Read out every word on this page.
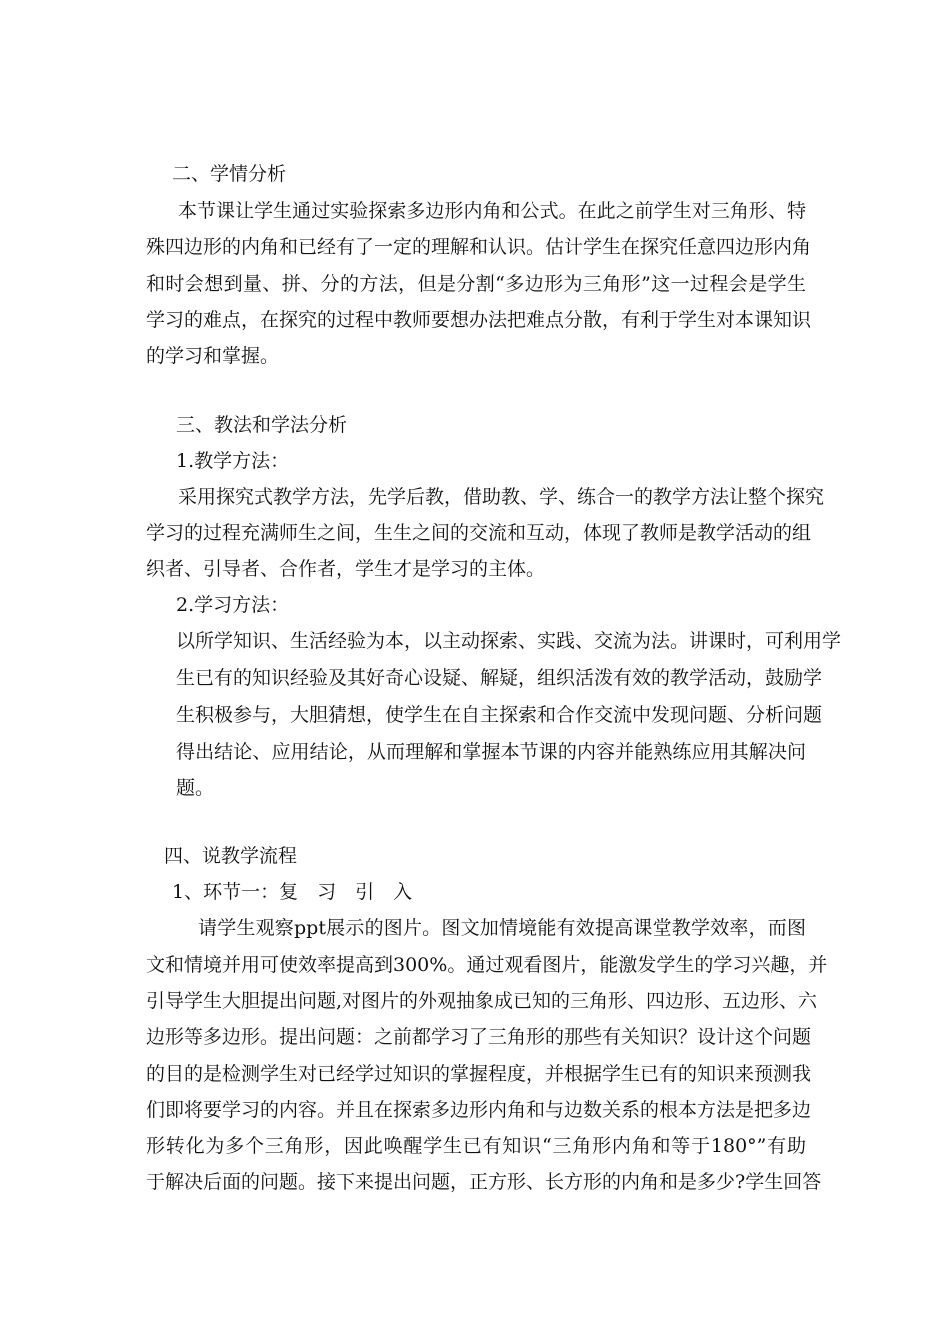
二、学情分析

本节课让学生通过实验探索多边形内角和公式。在此之前学生对三角形、特

殊四边形的内角和已经有了一定的理解和认识。估计学生在探究任意四边形内角

和时会想到量、拼、分的方法，但是分割“多边形为三角形”这一过程会是学生

学习的难点，在探究的过程中教师要想办法把难点分散，有利于学生对本课知识

的学习和掌握。

三、教法和学法分析

1.教学方法：

采用探究式教学方法，先学后教，借助教、学、练合一的教学方法让整个探究

学习的过程充满师生之间，生生之间的交流和互动，体现了教师是教学活动的组

织者、引导者、合作者，学生才是学习的主体。

2.学习方法：

以所学知识、生活经验为本，以主动探索、实践、交流为法。讲课时，可利用学

生已有的知识经验及其好奇心设疑、解疑，组织活泼有效的教学活动，鼓励学

生积极参与，大胆猜想，使学生在自主探索和合作交流中发现问题、分析问题

得出结论、应用结论，从而理解和掌握本节课的内容并能熟练应用其解决问

题。

四、说教学流程

1、环节一：复　习　引　入

请学生观察ppt展示的图片。图文加情境能有效提高课堂教学效率，而图

文和情境并用可使效率提高到300%。通过观看图片，能激发学生的学习兴趣，并

引导学生大胆提出问题,对图片的外观抽象成已知的三角形、四边形、五边形、六

边形等多边形。提出问题：之前都学习了三角形的那些有关知识？设计这个问题

的目的是检测学生对已经学过知识的掌握程度，并根据学生已有的知识来预测我

们即将要学习的内容。并且在探索多边形内角和与边数关系的根本方法是把多边

形转化为多个三角形，因此唤醒学生已有知识“三角形内角和等于180°”有助

于解决后面的问题。接下来提出问题，正方形、长方形的内角和是多少?学生回答
